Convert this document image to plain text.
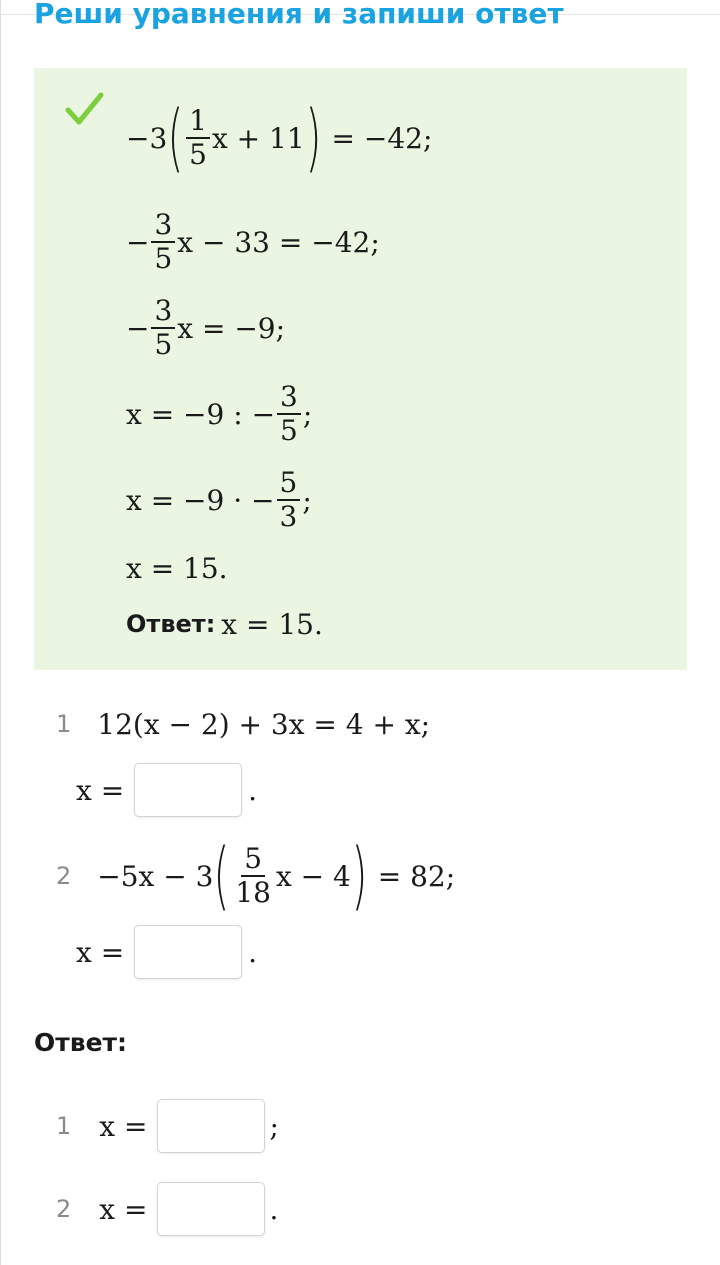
Реши уравнения и запиши ответ
−3 ( $\frac{1}{5}$ x + 11 ) = −42;
− $\frac{3}{5}$ x − 33 = −42;
− $\frac{3}{5}$ x = −9;
x = −9 : − $\frac{3}{5}$ ;
x = −9 · − $\frac{5}{3}$ ;
x = 15.
Ответ: x = 15.
1 12(x − 2) + 3x = 4 + x;
x =	.
2 −5x − 3 ( $\frac{5}{18}$ x − 4 ) = 82;
x =	.
Ответ:
1 x =	;
2 x =	.
